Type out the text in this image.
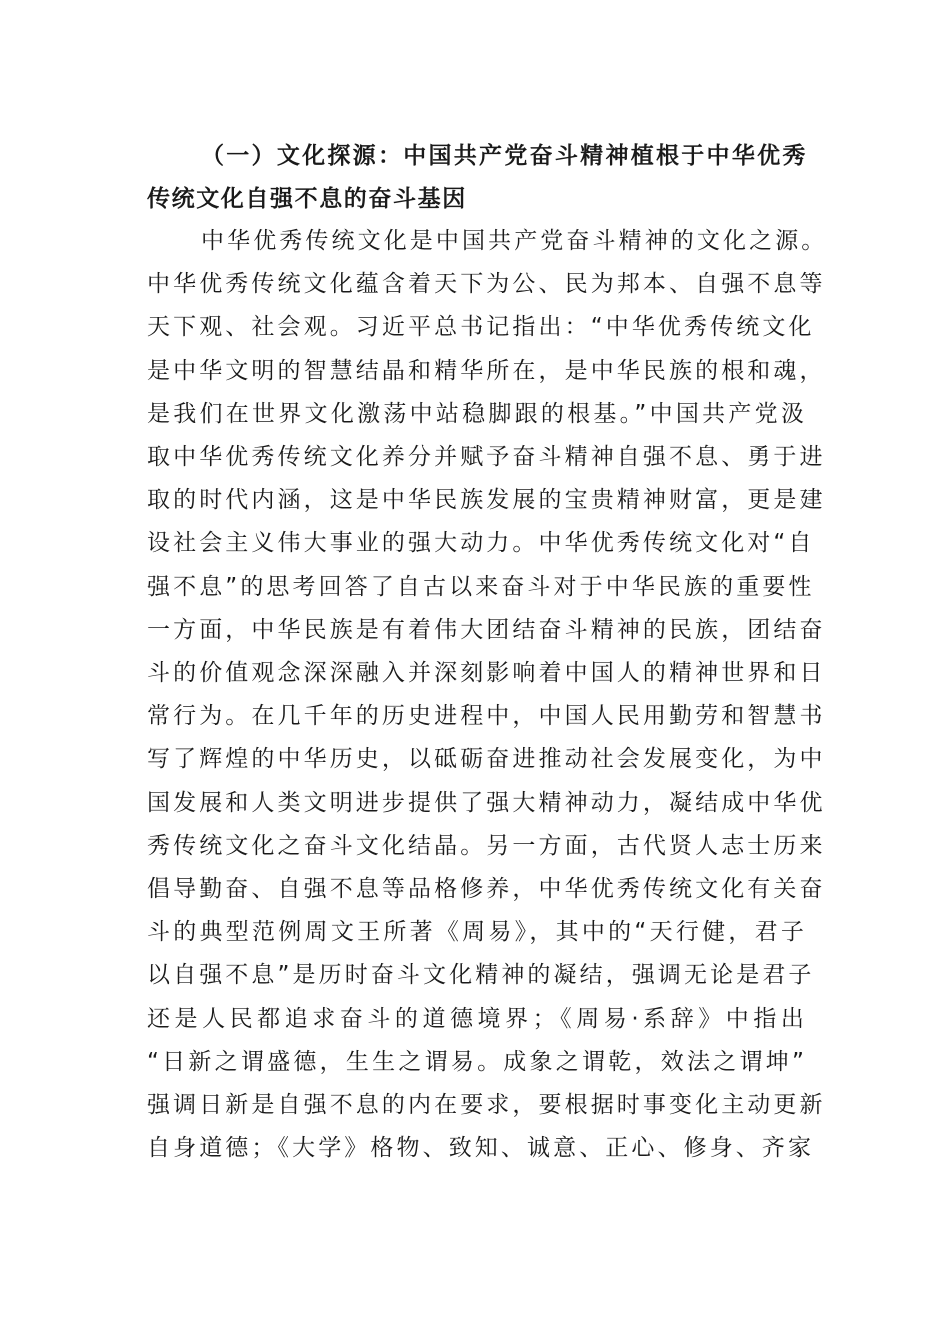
（一）文化探源：中国共产党奋斗精神植根于中华优秀
传统文化自强不息的奋斗基因

中华优秀传统文化是中国共产党奋斗精神的文化之源。
中华优秀传统文化蕴含着天下为公、民为邦本、自强不息等
天下观、社会观。习近平总书记指出：“中华优秀传统文化
是中华文明的智慧结晶和精华所在，是中华民族的根和魂，
是我们在世界文化激荡中站稳脚跟的根基。”中国共产党汲
取中华优秀传统文化养分并赋予奋斗精神自强不息、勇于进
取的时代内涵，这是中华民族发展的宝贵精神财富，更是建
设社会主义伟大事业的强大动力。中华优秀传统文化对“自
强不息”的思考回答了自古以来奋斗对于中华民族的重要性
一方面，中华民族是有着伟大团结奋斗精神的民族，团结奋
斗的价值观念深深融入并深刻影响着中国人的精神世界和日
常行为。在几千年的历史进程中，中国人民用勤劳和智慧书
写了辉煌的中华历史，以砥砺奋进推动社会发展变化，为中
国发展和人类文明进步提供了强大精神动力，凝结成中华优
秀传统文化之奋斗文化结晶。另一方面，古代贤人志士历来
倡导勤奋、自强不息等品格修养，中华优秀传统文化有关奋
斗的典型范例周文王所著《周易》，其中的“天行健，君子
以自强不息”是历时奋斗文化精神的凝结，强调无论是君子
还是人民都追求奋斗的道德境界；《周易·系辞》中指出
“日新之谓盛德，生生之谓易。成象之谓乾，效法之谓坤”
强调日新是自强不息的内在要求，要根据时事变化主动更新
自身道德；《大学》格物、致知、诚意、正心、修身、齐家
